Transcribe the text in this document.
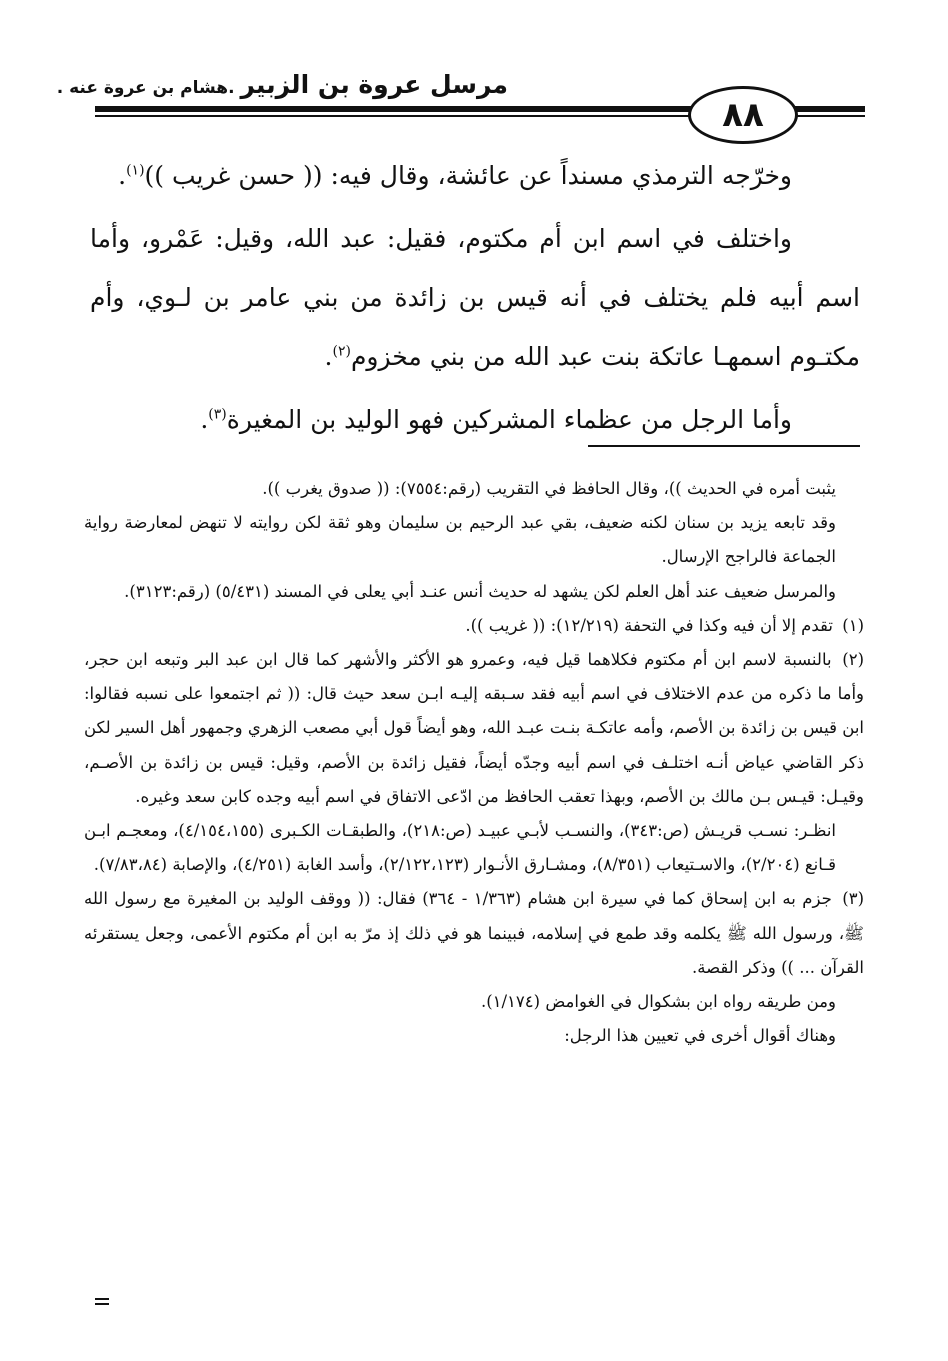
مرسل عروة بن الزبير .هشام بن عروة عنه .
٨٨

وخرّجه الترمذي مسنداً عن عائشة، وقال فيه: (( حسن غريب ))$^{(١)}$.

واختلف في اسم ابن أم مكتوم، فقيل: عبد الله، وقيل: عَمْرو، وأما اسم أبيه فلم يختلف في أنه قيس بن زائدة من بني عامر بن لـوي، وأم مكتـوم اسمهـا عاتكة بنت عبد الله من بني مخزوم$^{(٢)}$.

وأما الرجل من عظماء المشركين فهو الوليد بن المغيرة$^{(٣)}$.

يثبت أمره في الحديث ))، وقال الحافظ في التقريب (رقم:٧٥٥٤): (( صدوق يغرب )).

وقد تابعه يزيد بن سنان لكنه ضعيف، بقي عبد الرحيم بن سليمان وهو ثقة لكن روايته لا تنهض لمعارضة رواية الجماعة فالراجح الإرسال.

والمرسل ضعيف عند أهل العلم لكن يشهد له حديث أنس عنـد أبي يعلى في المسند (٥/٤٣١) (رقم:٣١٢٣).

(١) تقدم إلا أن فيه وكذا في التحفة (١٢/٢١٩): (( غريب )).

(٢) بالنسبة لاسم ابن أم مكتوم فكلاهما قيل فيه، وعمرو هو الأكثر والأشهر كما قال ابن عبد البر وتبعه ابن حجر، وأما ما ذكره من عدم الاختلاف في اسم أبيه فقد سـبقه إليـه ابـن سعد حيث قال: (( ثم اجتمعوا على نسبه فقالوا: ابن قيس بن زائدة بن الأصم، وأمه عاتكـة بنـت عبـد الله، وهو أيضاً قول أبي مصعب الزهري وجمهور أهل السير لكن ذكر القاضي عياض أنـه اختلـف في اسم أبيه وجدّه أيضاً، فقيل زائدة بن الأصم، وقيل: قيس بن زائدة بن الأصـم، وقيـل: قيـس بـن مالك بن الأصم، وبهذا تعقب الحافظ من ادّعى الاتفاق في اسم أبيه وجده كابن سعد وغيره.

انظـر: نسـب قريـش (ص:٣٤٣)، والنسـب لأبـي عبيـد (ص:٢١٨)، والطبقـات الكـبرى (٤/١٥٤،١٥٥)، ومعجـم ابـن قـانع (٢/٢٠٤)، والاسـتيعاب (٨/٣٥١)، ومشـارق الأنـوار (٢/١٢٢،١٢٣)، وأسد الغابة (٤/٢٥١)، والإصابة (٧/٨٣،٨٤).

(٣) جزم به ابن إسحاق كما في سيرة ابن هشام (١/٣٦٣ - ٣٦٤) فقال: (( ووقف الوليد بن المغيرة مع رسول الله ﷺ، ورسول الله ﷺ يكلمه وقد طمع في إسلامه، فبينما هو في ذلك إذ مرّ به ابن أم مكتوم الأعمى، وجعل يستقرئه القرآن ... )) وذكر القصة.

ومن طريقه رواه ابن بشكوال في الغوامض (١/١٧٤).

وهناك أقوال أخرى في تعيين هذا الرجل:
